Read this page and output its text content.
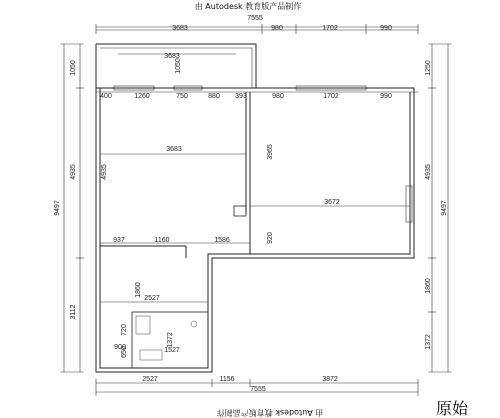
由 Autodesk 教育版产品制作
7555
3683	980	1702	990
3683
1050
400	1260	750	880 393	980	1702	990
3683
4935
3965
3672
920
937	1160	1586
1860
2527
720
1372
1527
900
650
2527	1156	3872
7555
1050
4935
9497
3112
1250
4935
9497
1860
1372
由 Autodesk 教育版产品制作	原始
